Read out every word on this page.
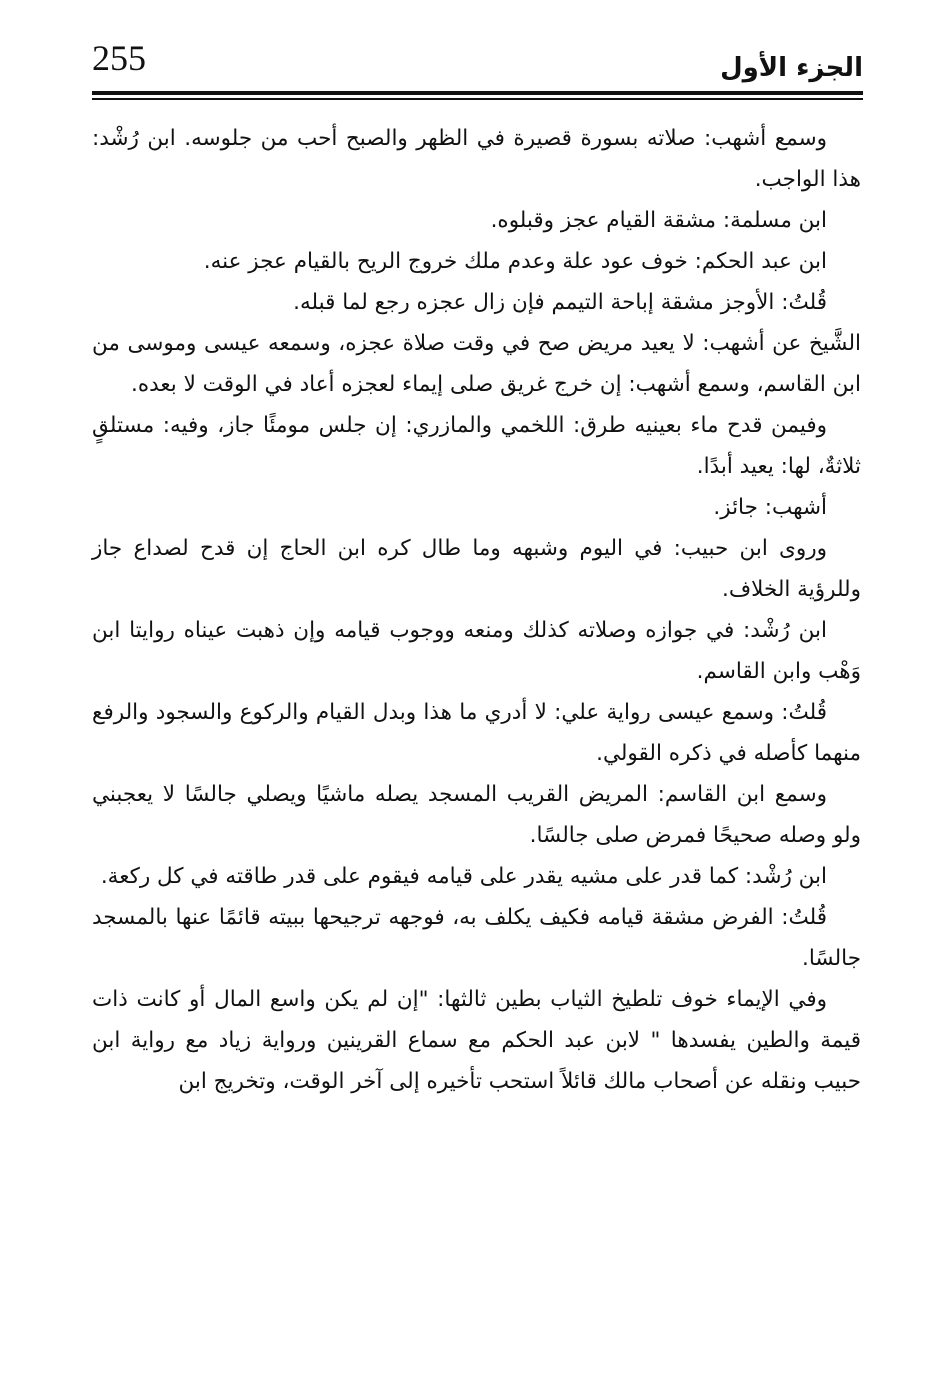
255	الجزء الأول

وسمع أشهب: صلاته بسورة قصيرة في الظهر والصبح أحب من جلوسه. ابن رُشْد: هذا الواجب.

ابن مسلمة: مشقة القيام عجز وقبلوه.

ابن عبد الحكم: خوف عود علة وعدم ملك خروج الريح بالقيام عجز عنه.

قُلتُ: الأوجز مشقة إباحة التيمم فإن زال عجزه رجع لما قبله.

الشَّيخ عن أشهب: لا يعيد مريض صح في وقت صلاة عجزه، وسمعه عيسى وموسى من ابن القاسم، وسمع أشهب: إن خرج غريق صلى إيماء لعجزه أعاد في الوقت لا بعده.

وفيمن قدح ماء بعينيه طرق: اللخمي والمازري: إن جلس مومئًا جاز، وفيه: مستلقٍ ثلاثةٌ، لها: يعيد أبدًا.

أشهب: جائز.

وروى ابن حبيب: في اليوم وشبهه وما طال كره ابن الحاج إن قدح لصداع جاز وللرؤية الخلاف.

ابن رُشْد: في جوازه وصلاته كذلك ومنعه ووجوب قيامه وإن ذهبت عيناه روايتا ابن وَهْب وابن القاسم.

قُلتُ: وسمع عيسى رواية علي: لا أدري ما هذا وبدل القيام والركوع والسجود والرفع منهما كأصله في ذكره القولي.

وسمع ابن القاسم: المريض القريب المسجد يصله ماشيًا ويصلي جالسًا لا يعجبني ولو وصله صحيحًا فمرض صلى جالسًا.

ابن رُشْد: كما قدر على مشيه يقدر على قيامه فيقوم على قدر طاقته في كل ركعة.

قُلتُ: الفرض مشقة قيامه فكيف يكلف به، فوجهه ترجيحها ببيته قائمًا عنها بالمسجد جالسًا.

وفي الإيماء خوف تلطيخ الثياب بطين ثالثها: "إن لم يكن واسع المال أو كانت ذات قيمة والطين يفسدها " لابن عبد الحكم مع سماع القرينين ورواية زياد مع رواية ابن حبيب ونقله عن أصحاب مالك قائلاً استحب تأخيره إلى آخر الوقت، وتخريج ابن
